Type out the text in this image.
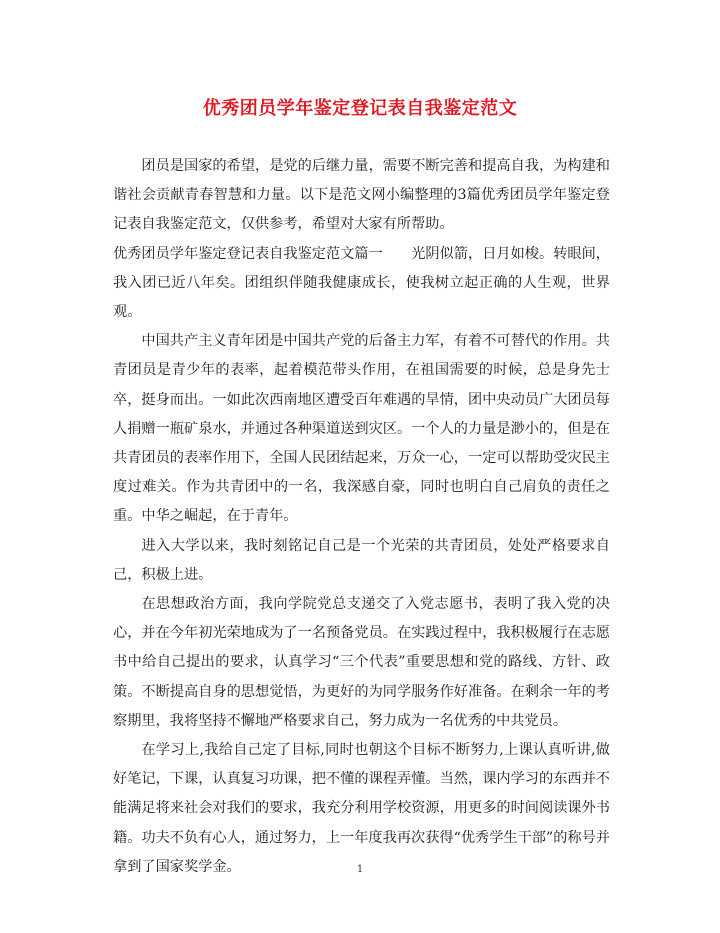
优秀团员学年鉴定登记表自我鉴定范文

团员是国家的希望，是党的后继力量，需要不断完善和提高自我，为构建和谐社会贡献青春智慧和力量。以下是范文网小编整理的3篇优秀团员学年鉴定登记表自我鉴定范文，仅供参考，希望对大家有所帮助。

优秀团员学年鉴定登记表自我鉴定范文篇一　　光阴似箭，日月如梭。转眼间，我入团已近八年矣。团组织伴随我健康成长，使我树立起正确的人生观，世界观。

中国共产主义青年团是中国共产党的后备主力军，有着不可替代的作用。共青团员是青少年的表率，起着模范带头作用，在祖国需要的时候，总是身先士卒，挺身而出。一如此次西南地区遭受百年难遇的旱情，团中央动员广大团员每人捐赠一瓶矿泉水，并通过各种渠道送到灾区。一个人的力量是渺小的，但是在共青团员的表率作用下，全国人民团结起来，万众一心，一定可以帮助受灾民主度过难关。作为共青团中的一名，我深感自豪，同时也明白自己肩负的责任之重。中华之崛起，在于青年。

进入大学以来，我时刻铭记自己是一个光荣的共青团员，处处严格要求自己，积极上进。

在思想政治方面，我向学院党总支递交了入党志愿书，表明了我入党的决心，并在今年初光荣地成为了一名预备党员。在实践过程中，我积极履行在志愿书中给自己提出的要求，认真学习“三个代表”重要思想和党的路线、方针、政策。不断提高自身的思想觉悟，为更好的为同学服务作好准备。在剩余一年的考察期里，我将坚持不懈地严格要求自己，努力成为一名优秀的中共党员。

在学习上,我给自己定了目标,同时也朝这个目标不断努力,上课认真听讲,做好笔记，下课，认真复习功课，把不懂的课程弄懂。当然，课内学习的东西并不能满足将来社会对我们的要求，我充分利用学校资源，用更多的时间阅读课外书籍。功夫不负有心人，通过努力，上一年度我再次获得“优秀学生干部”的称号并拿到了国家奖学金。	1
